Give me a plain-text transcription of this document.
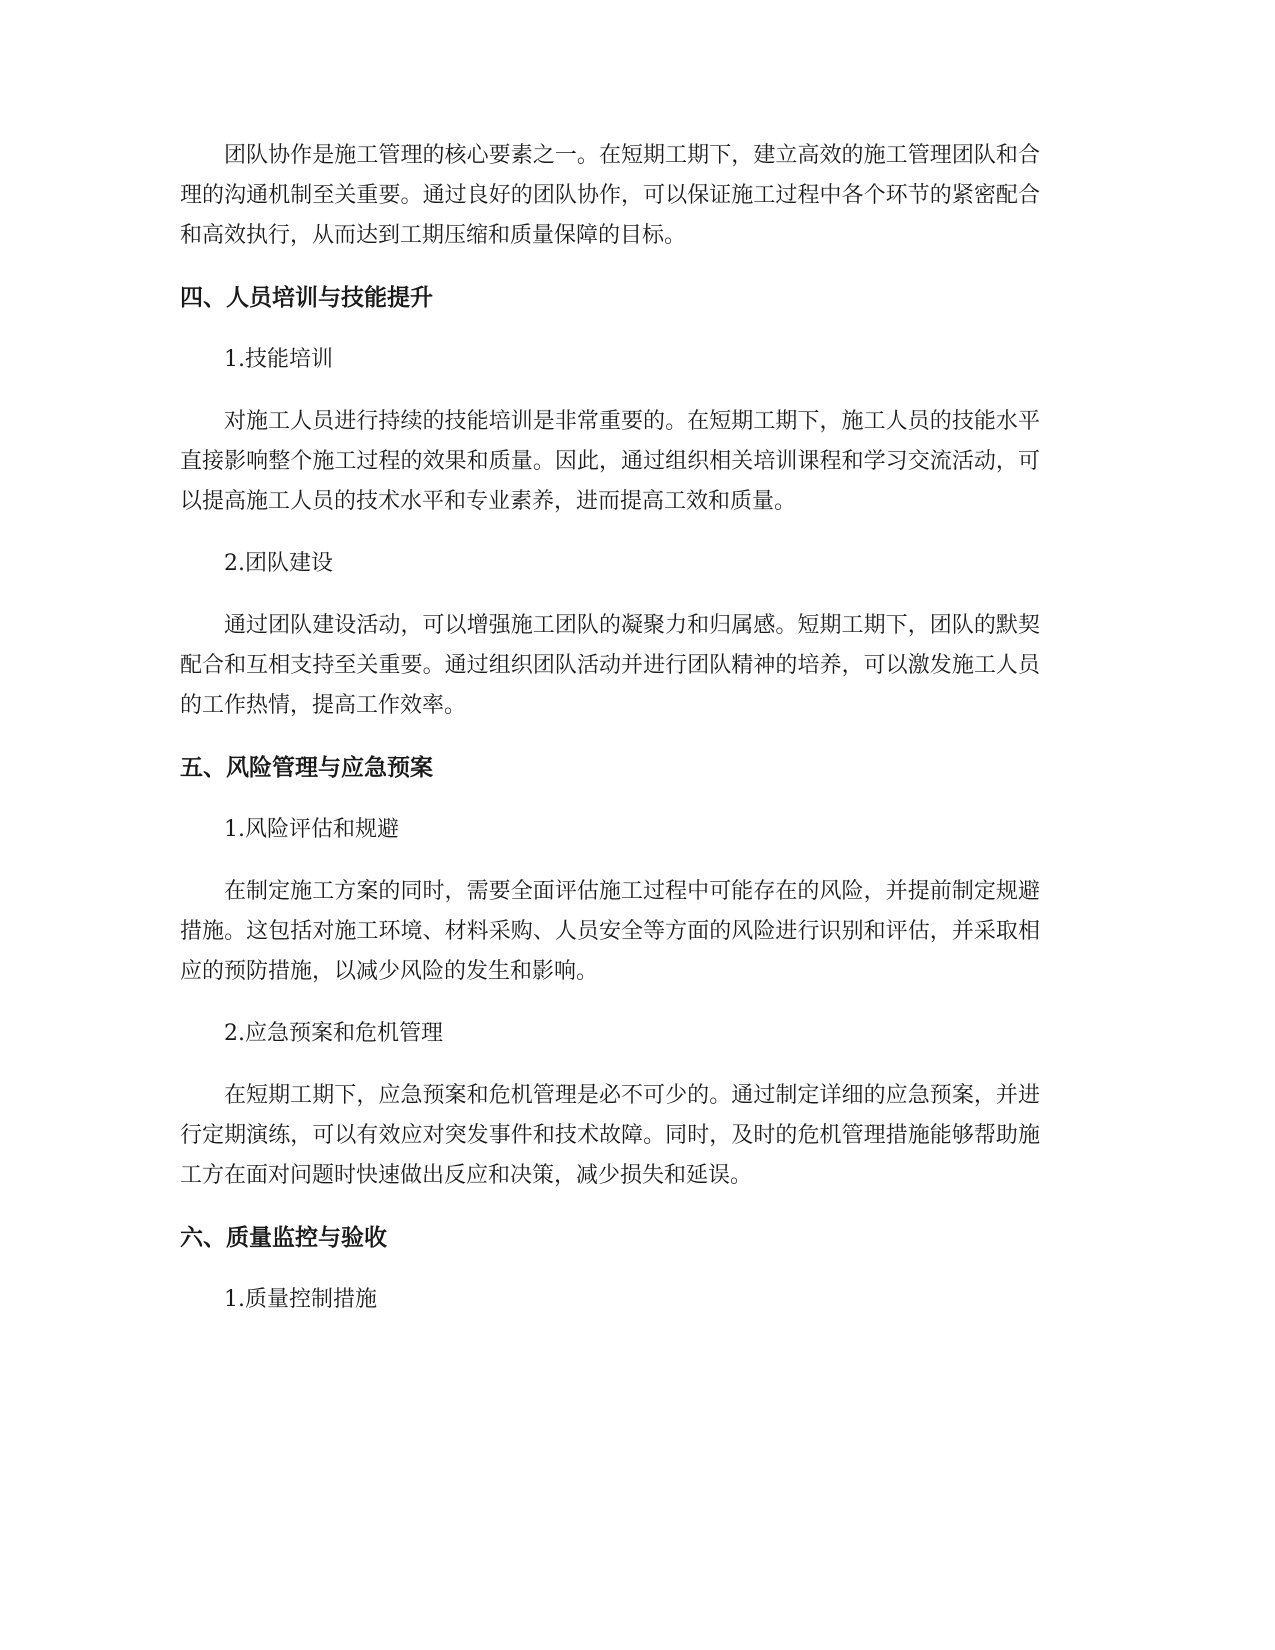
团队协作是施工管理的核心要素之一。在短期工期下，建立高效的施工管理团队和合理的沟通机制至关重要。通过良好的团队协作，可以保证施工过程中各个环节的紧密配合和高效执行，从而达到工期压缩和质量保障的目标。

四、人员培训与技能提升

1.技能培训

对施工人员进行持续的技能培训是非常重要的。在短期工期下，施工人员的技能水平直接影响整个施工过程的效果和质量。因此，通过组织相关培训课程和学习交流活动，可以提高施工人员的技术水平和专业素养，进而提高工效和质量。

2.团队建设

通过团队建设活动，可以增强施工团队的凝聚力和归属感。短期工期下，团队的默契配合和互相支持至关重要。通过组织团队活动并进行团队精神的培养，可以激发施工人员的工作热情，提高工作效率。

五、风险管理与应急预案

1.风险评估和规避

在制定施工方案的同时，需要全面评估施工过程中可能存在的风险，并提前制定规避措施。这包括对施工环境、材料采购、人员安全等方面的风险进行识别和评估，并采取相应的预防措施，以减少风险的发生和影响。

2.应急预案和危机管理

在短期工期下，应急预案和危机管理是必不可少的。通过制定详细的应急预案，并进行定期演练，可以有效应对突发事件和技术故障。同时，及时的危机管理措施能够帮助施工方在面对问题时快速做出反应和决策，减少损失和延误。

六、质量监控与验收

1.质量控制措施
